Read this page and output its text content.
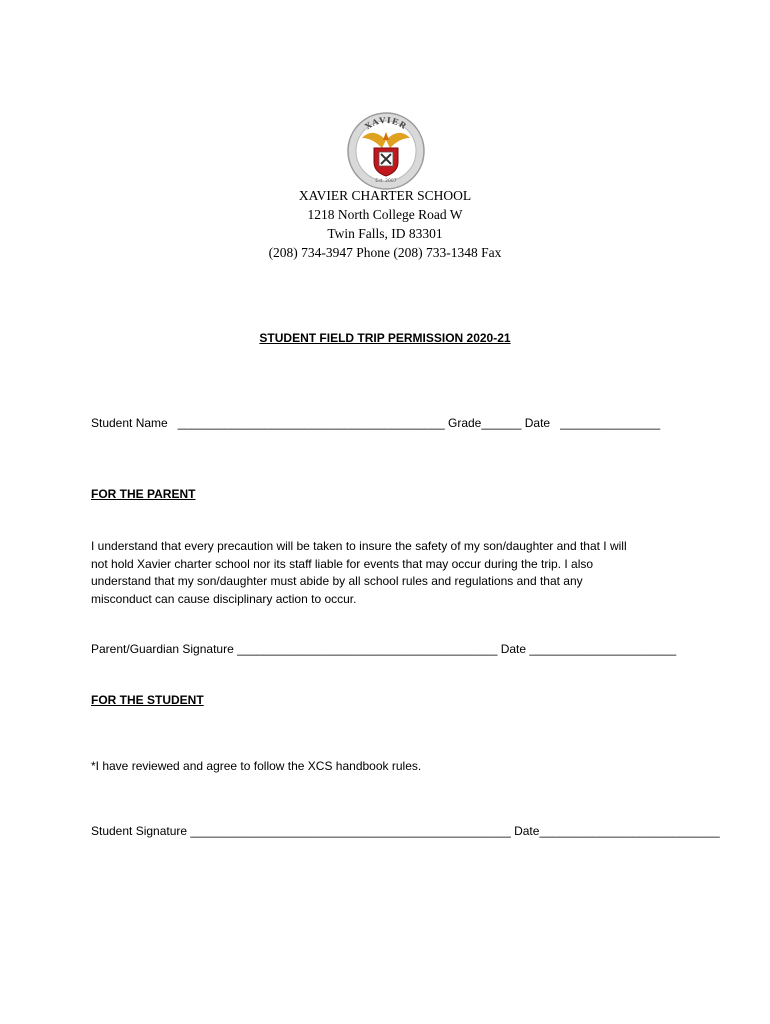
XAVIER
Est. 2007
XAVIER CHARTER SCHOOL
1218 North College Road W
Twin Falls, ID 83301
(208) 734-3947 Phone (208) 733-1348 Fax
STUDENT FIELD TRIP PERMISSION 2020-21
Student Name   ________________________________________ Grade______ Date   _______________
FOR THE PARENT
I understand that every precaution will be taken to insure the safety of my son/daughter and that I will
not hold Xavier charter school nor its staff liable for events that may occur during the trip. I also
understand that my son/daughter must abide by all school rules and regulations and that any
misconduct can cause disciplinary action to occur.
Parent/Guardian Signature _______________________________________ Date ______________________
FOR THE STUDENT
*I have reviewed and agree to follow the XCS handbook rules.
Student Signature ________________________________________________ Date___________________________
